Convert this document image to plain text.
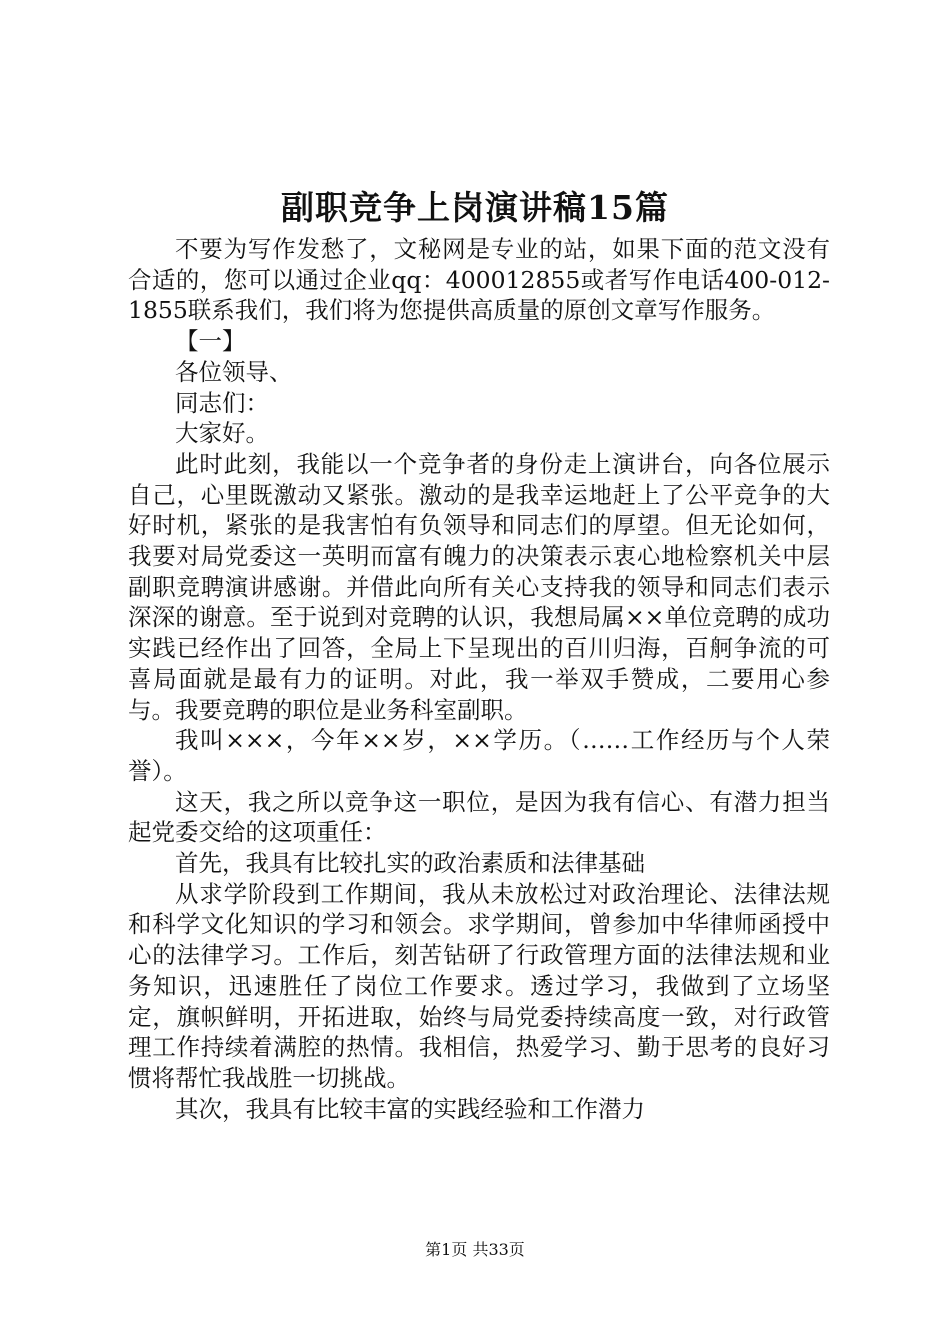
副职竞争上岗演讲稿15篇

不要为写作发愁了，文秘网是专业的站，如果下面的范文没有合适的，您可以通过企业qq：400012855或者写作电话400-012-1855联系我们，我们将为您提供高质量的原创文章写作服务。

【一】

各位领导、

同志们：

大家好。

此时此刻，我能以一个竞争者的身份走上演讲台，向各位展示自己，心里既激动又紧张。激动的是我幸运地赶上了公平竞争的大好时机，紧张的是我害怕有负领导和同志们的厚望。但无论如何，我要对局党委这一英明而富有魄力的决策表示衷心地检察机关中层副职竞聘演讲感谢。并借此向所有关心支持我的领导和同志们表示深深的谢意。至于说到对竞聘的认识，我想局属××单位竞聘的成功实践已经作出了回答，全局上下呈现出的百川归海，百舸争流的可喜局面就是最有力的证明。对此，我一举双手赞成，二要用心参与。我要竞聘的职位是业务科室副职。

我叫×××，今年××岁，××学历。（……工作经历与个人荣誉）。

这天，我之所以竞争这一职位，是因为我有信心、有潜力担当起党委交给的这项重任：

首先，我具有比较扎实的政治素质和法律基础

从求学阶段到工作期间，我从未放松过对政治理论、法律法规和科学文化知识的学习和领会。求学期间，曾参加中华律师函授中心的法律学习。工作后，刻苦钻研了行政管理方面的法律法规和业务知识，迅速胜任了岗位工作要求。透过学习，我做到了立场坚定，旗帜鲜明，开拓进取，始终与局党委持续高度一致，对行政管理工作持续着满腔的热情。我相信，热爱学习、勤于思考的良好习惯将帮忙我战胜一切挑战。

其次，我具有比较丰富的实践经验和工作潜力

第1页 共33页
